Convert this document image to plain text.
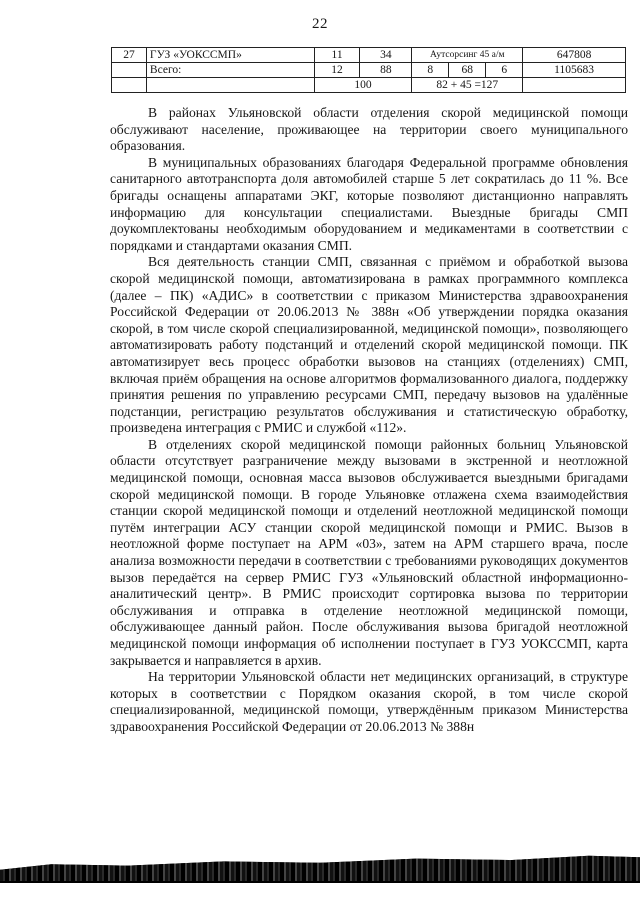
22
27	ГУЗ «УОКССМП»	11	34	Аутсорсинг 45 а/м			647808
	Всего:	12	88	8	68	6	1105683
		100		82 + 45 =127			

В районах Ульяновской области отделения скорой медицинской помощи обслуживают население, проживающее на территории своего муниципального образования.

В муниципальных образованиях благодаря Федеральной программе обновления санитарного автотранспорта доля автомобилей старше 5 лет сократилась до 11 %. Все бригады оснащены аппаратами ЭКГ, которые позволяют дистанционно направлять информацию для консультации специалистами. Выездные бригады СМП доукомплектованы необходимым оборудованием и медикаментами в соответствии с порядками и стандартами оказания СМП.

Вся деятельность станции СМП, связанная с приёмом и обработкой вызова скорой медицинской помощи, автоматизирована в рамках программного комплекса (далее – ПК) «АДИС» в соответствии с приказом Министерства здравоохранения Российской Федерации от 20.06.2013 № 388н «Об утверждении порядка оказания скорой, в том числе скорой специализированной, медицинской помощи», позволяющего автоматизировать работу подстанций и отделений скорой медицинской помощи. ПК автоматизирует весь процесс обработки вызовов на станциях (отделениях) СМП, включая приём обращения на основе алгоритмов формализованного диалога, поддержку принятия решения по управлению ресурсами СМП, передачу вызовов на удалённые подстанции, регистрацию результатов обслуживания и статистическую обработку, произведена интеграция с РМИС и службой «112».

В отделениях скорой медицинской помощи районных больниц Ульяновской области отсутствует разграничение между вызовами в экстренной и неотложной медицинской помощи, основная масса вызовов обслуживается выездными бригадами скорой медицинской помощи. В городе Ульяновке отлажена схема взаимодействия станции скорой медицинской помощи и отделений неотложной медицинской помощи путём интеграции АСУ станции скорой медицинской помощи и РМИС. Вызов в неотложной форме поступает на АРМ «03», затем на АРМ старшего врача, после анализа возможности передачи в соответствии с требованиями руководящих документов вызов передаётся на сервер РМИС ГУЗ «Ульяновский областной информационно-аналитический центр». В РМИС происходит сортировка вызова по территории обслуживания и отправка в отделение неотложной медицинской помощи, обслуживающее данный район. После обслуживания вызова бригадой неотложной медицинской помощи информация об исполнении поступает в ГУЗ УОКССМП, карта закрывается и направляется в архив.

На территории Ульяновской области нет медицинских организаций, в структуре которых в соответствии с Порядком оказания скорой, в том числе скорой специализированной, медицинской помощи, утверждённым приказом Министерства здравоохранения Российской Федерации от 20.06.2013 № 388н
